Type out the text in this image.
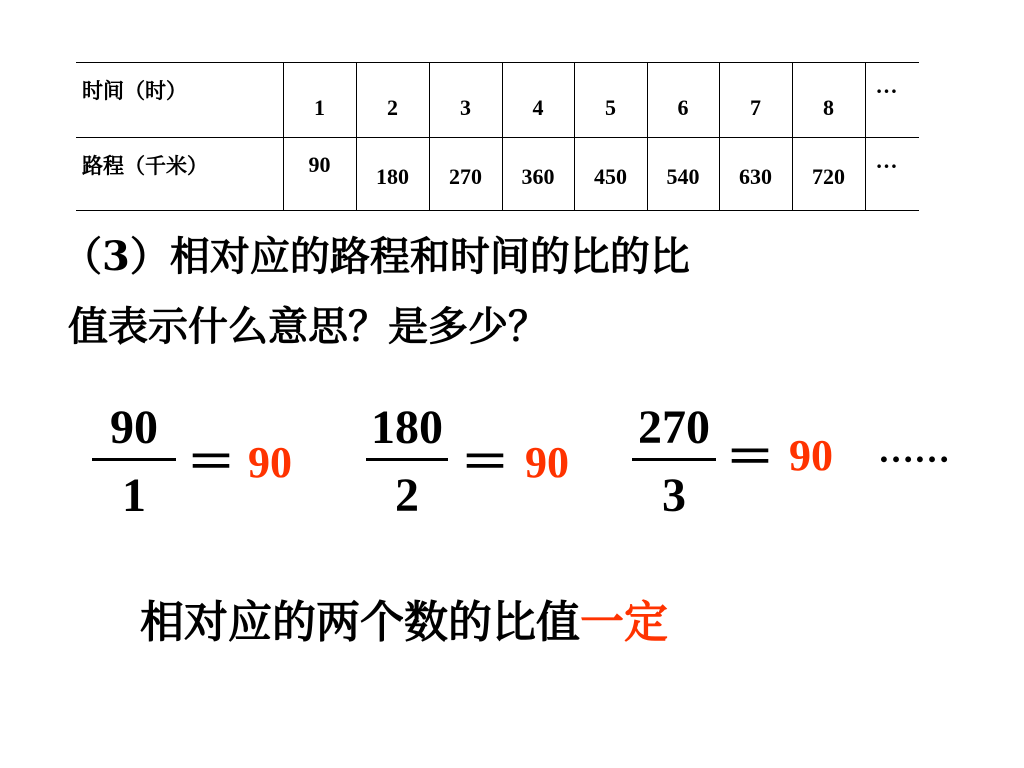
时间（时）	1	2	3	4	5	6	7	8	…
路程（千米）	90	180	270	360	450	540	630	720	…
（3）相对应的路程和时间的比的比
值表示什么意思？是多少？
90
1
＝ 90
180
2
＝ 90
270
3
＝ 90 ……
相对应的两个数的比值一定
